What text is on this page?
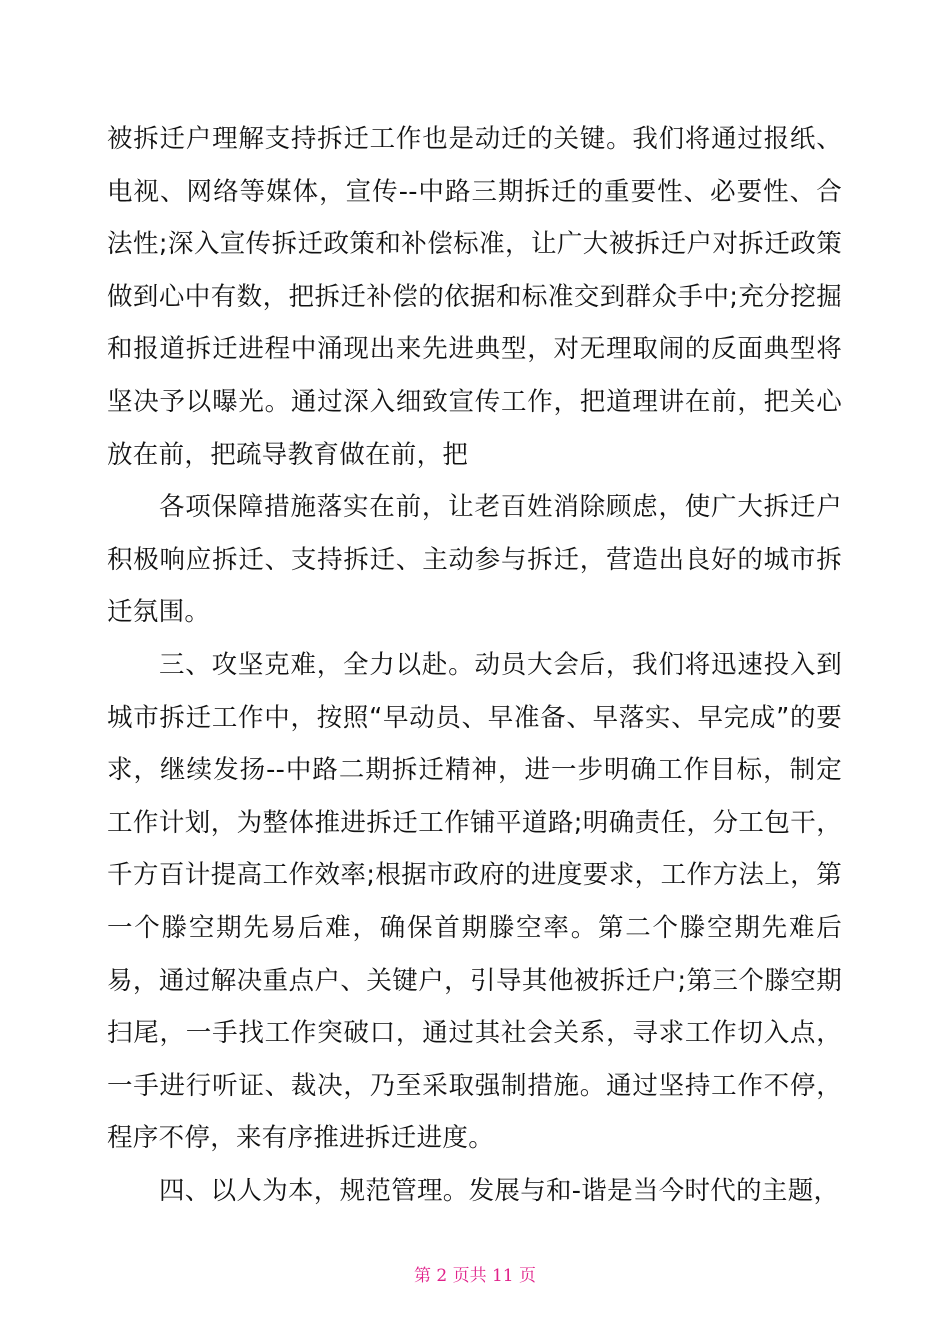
被拆迁户理解支持拆迁工作也是动迁的关键。我们将通过报纸、电视、网络等媒体，宣传--中路三期拆迁的重要性、必要性、合法性;深入宣传拆迁政策和补偿标准，让广大被拆迁户对拆迁政策做到心中有数，把拆迁补偿的依据和标准交到群众手中;充分挖掘和报道拆迁进程中涌现出来先进典型，对无理取闹的反面典型将坚决予以曝光。通过深入细致宣传工作，把道理讲在前，把关心放在前，把疏导教育做在前，把

各项保障措施落实在前，让老百姓消除顾虑，使广大拆迁户积极响应拆迁、支持拆迁、主动参与拆迁，营造出良好的城市拆迁氛围。

三、攻坚克难，全力以赴。动员大会后，我们将迅速投入到城市拆迁工作中，按照“早动员、早准备、早落实、早完成”的要求，继续发扬--中路二期拆迁精神，进一步明确工作目标，制定工作计划，为整体推进拆迁工作铺平道路;明确责任，分工包干，千方百计提高工作效率;根据市政府的进度要求，工作方法上，第一个滕空期先易后难，确保首期滕空率。第二个滕空期先难后易，通过解决重点户、关键户，引导其他被拆迁户;第三个滕空期扫尾，一手找工作突破口，通过其社会关系，寻求工作切入点，一手进行听证、裁决，乃至采取强制措施。通过坚持工作不停，程序不停，来有序推进拆迁进度。

四、以人为本，规范管理。发展与和-谐是当今时代的主题，

第 2 页共 11 页
